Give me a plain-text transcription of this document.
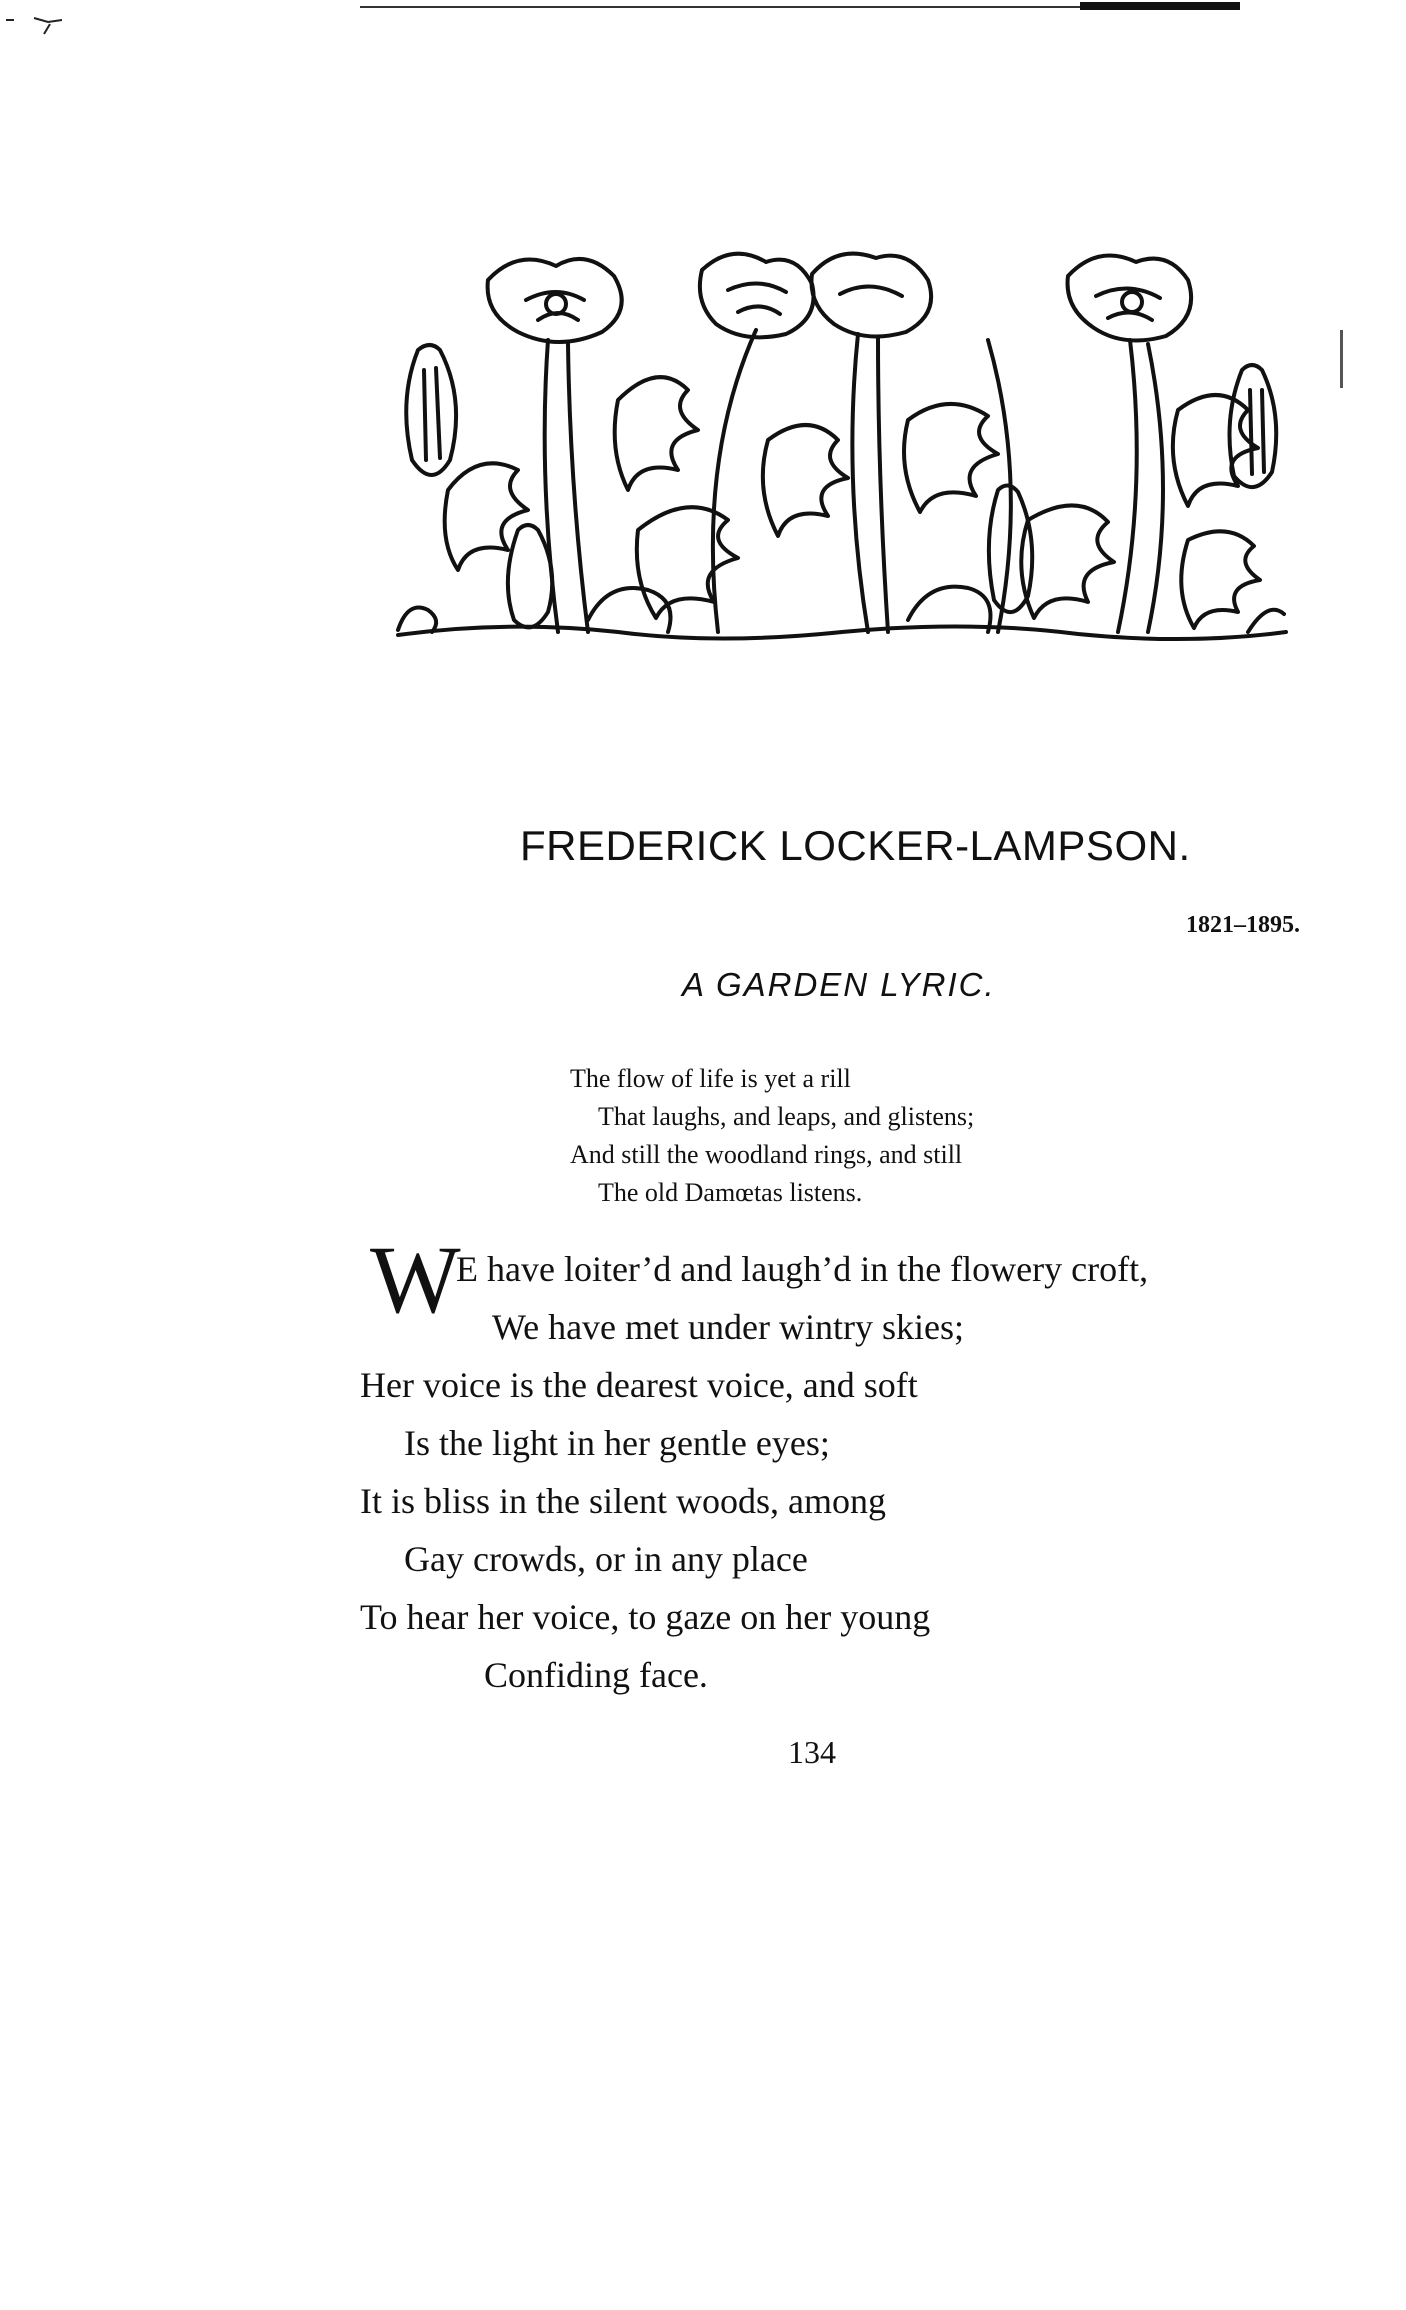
FREDERICK LOCKER-LAMPSON.
1821–1895.
A GARDEN LYRIC.
The flow of life is yet a rill
That laughs, and leaps, and glistens;
And still the woodland rings, and still
The old Damœtas listens.
W
E have loiter’d and laugh’d in the flowery croft,
We have met under wintry skies;
Her voice is the dearest voice, and soft
Is the light in her gentle eyes;
It is bliss in the silent woods, among
Gay crowds, or in any place
To hear her voice, to gaze on her young
Confiding face.
134
